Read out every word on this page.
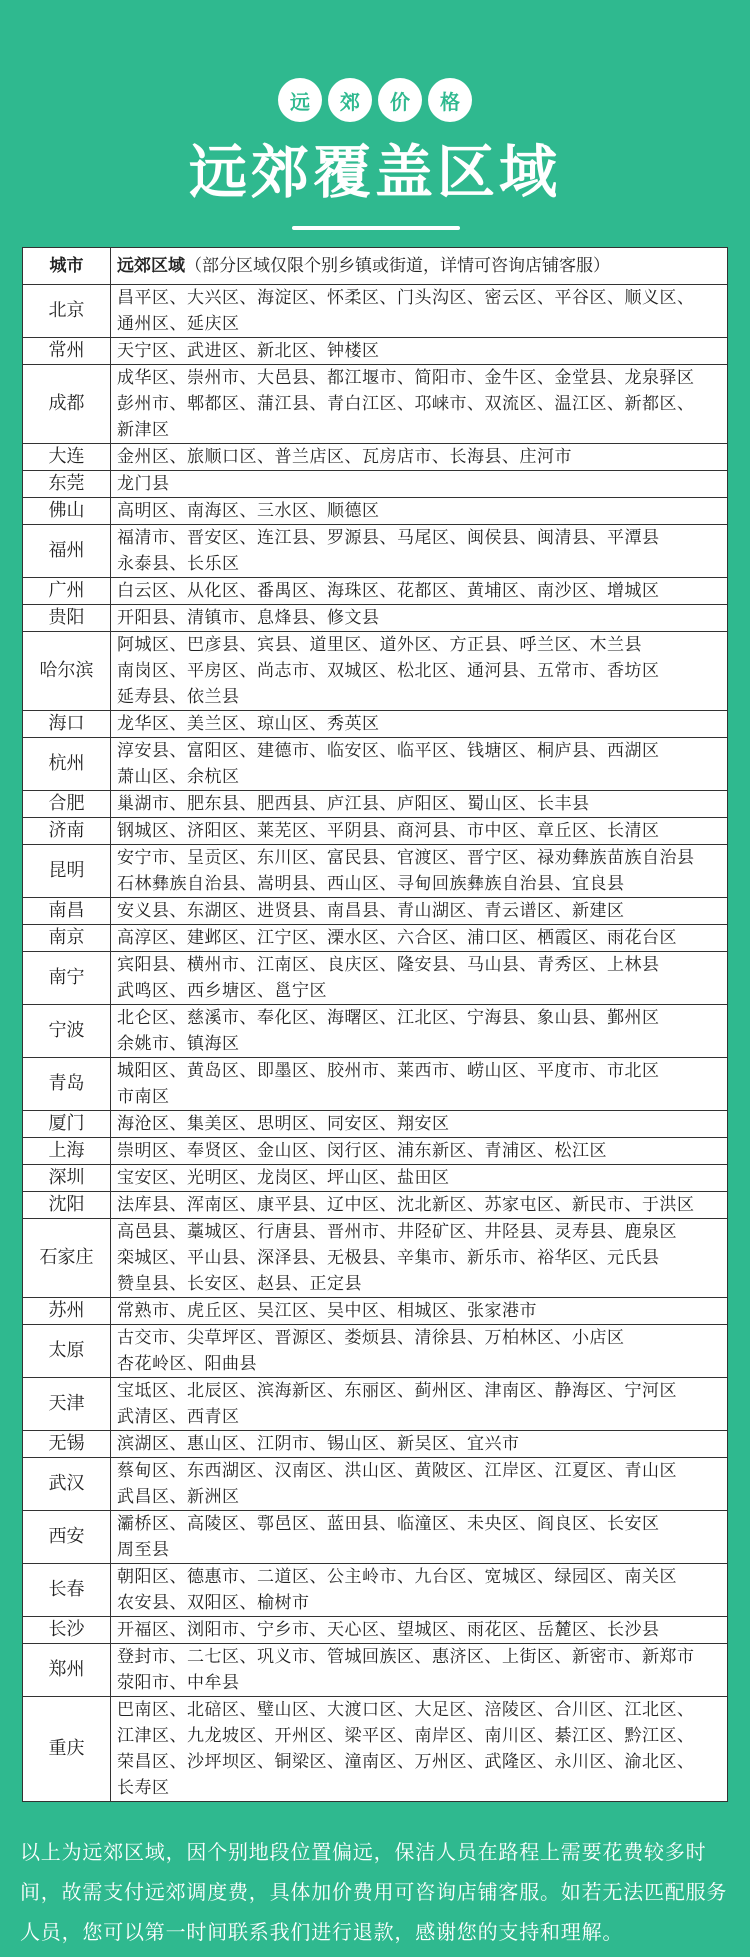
远	郊	价	格
远郊覆盖区域
城市	远郊区域（部分区域仅限个别乡镇或街道，详情可咨询店铺客服）
北京	昌平区、大兴区、海淀区、怀柔区、门头沟区、密云区、平谷区、顺义区、
通州区、延庆区

常州	天宁区、武进区、新北区、钟楼区

成都	成华区、崇州市、大邑县、都江堰市、简阳市、金牛区、金堂县、龙泉驿区
彭州市、郫都区、蒲江县、青白江区、邛崃市、双流区、温江区、新都区、
新津区

大连	金州区、旅顺口区、普兰店区、瓦房店市、长海县、庄河市

东莞	龙门县

佛山	高明区、南海区、三水区、顺德区

福州	福清市、晋安区、连江县、罗源县、马尾区、闽侯县、闽清县、平潭县
永泰县、长乐区

广州	白云区、从化区、番禺区、海珠区、花都区、黄埔区、南沙区、增城区

贵阳	开阳县、清镇市、息烽县、修文县

哈尔滨	阿城区、巴彦县、宾县、道里区、道外区、方正县、呼兰区、木兰县
南岗区、平房区、尚志市、双城区、松北区、通河县、五常市、香坊区
延寿县、依兰县

海口	龙华区、美兰区、琼山区、秀英区

杭州	淳安县、富阳区、建德市、临安区、临平区、钱塘区、桐庐县、西湖区
萧山区、余杭区

合肥	巢湖市、肥东县、肥西县、庐江县、庐阳区、蜀山区、长丰县

济南	钢城区、济阳区、莱芜区、平阴县、商河县、市中区、章丘区、长清区

昆明	安宁市、呈贡区、东川区、富民县、官渡区、晋宁区、禄劝彝族苗族自治县
石林彝族自治县、嵩明县、西山区、寻甸回族彝族自治县、宜良县

南昌	安义县、东湖区、进贤县、南昌县、青山湖区、青云谱区、新建区

南京	高淳区、建邺区、江宁区、溧水区、六合区、浦口区、栖霞区、雨花台区

南宁	宾阳县、横州市、江南区、良庆区、隆安县、马山县、青秀区、上林县
武鸣区、西乡塘区、邕宁区

宁波	北仑区、慈溪市、奉化区、海曙区、江北区、宁海县、象山县、鄞州区
余姚市、镇海区

青岛	城阳区、黄岛区、即墨区、胶州市、莱西市、崂山区、平度市、市北区
市南区

厦门	海沧区、集美区、思明区、同安区、翔安区

上海	崇明区、奉贤区、金山区、闵行区、浦东新区、青浦区、松江区

深圳	宝安区、光明区、龙岗区、坪山区、盐田区

沈阳	法库县、浑南区、康平县、辽中区、沈北新区、苏家屯区、新民市、于洪区

石家庄	高邑县、藁城区、行唐县、晋州市、井陉矿区、井陉县、灵寿县、鹿泉区
栾城区、平山县、深泽县、无极县、辛集市、新乐市、裕华区、元氏县
赞皇县、长安区、赵县、正定县

苏州	常熟市、虎丘区、吴江区、吴中区、相城区、张家港市

太原	古交市、尖草坪区、晋源区、娄烦县、清徐县、万柏林区、小店区
杏花岭区、阳曲县

天津	宝坻区、北辰区、滨海新区、东丽区、蓟州区、津南区、静海区、宁河区
武清区、西青区

无锡	滨湖区、惠山区、江阴市、锡山区、新吴区、宜兴市

武汉	蔡甸区、东西湖区、汉南区、洪山区、黄陂区、江岸区、江夏区、青山区
武昌区、新洲区

西安	灞桥区、高陵区、鄠邑区、蓝田县、临潼区、未央区、阎良区、长安区
周至县

长春	朝阳区、德惠市、二道区、公主岭市、九台区、宽城区、绿园区、南关区
农安县、双阳区、榆树市

长沙	开福区、浏阳市、宁乡市、天心区、望城区、雨花区、岳麓区、长沙县

郑州	登封市、二七区、巩义市、管城回族区、惠济区、上街区、新密市、新郑市
荥阳市、中牟县

重庆	巴南区、北碚区、璧山区、大渡口区、大足区、涪陵区、合川区、江北区、
江津区、九龙坡区、开州区、梁平区、南岸区、南川区、綦江区、黔江区、
荣昌区、沙坪坝区、铜梁区、潼南区、万州区、武隆区、永川区、渝北区、
长寿区
以上为远郊区域，因个别地段位置偏远，保洁人员在路程上需要花费较多时间，故需支付远郊调度费，具体加价费用可咨询店铺客服。如若无法匹配服务人员，您可以第一时间联系我们进行退款，感谢您的支持和理解。
